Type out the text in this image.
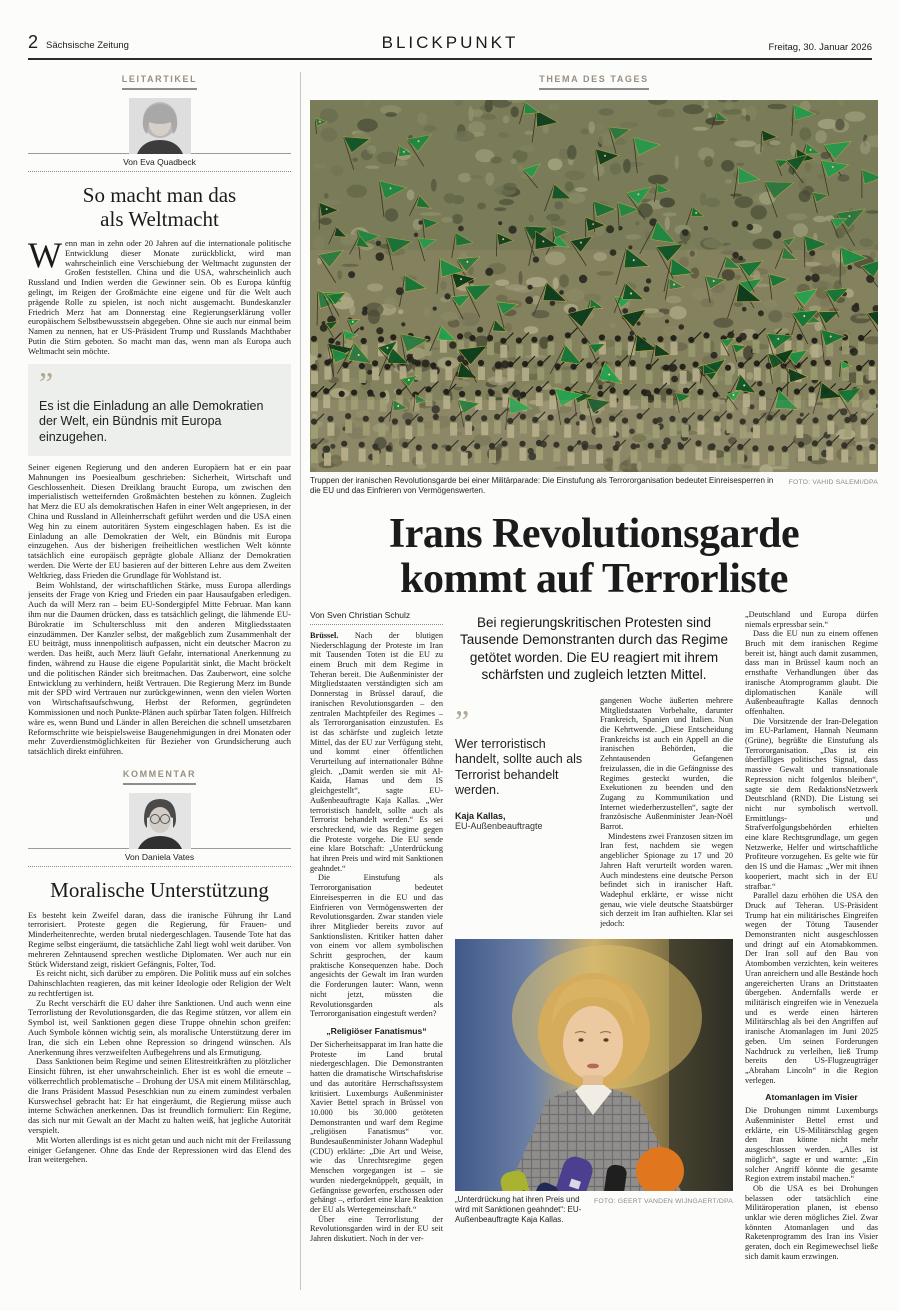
2 Sächsische Zeitung	BLICKPUNKT	Freitag, 30. Januar 2026
LEITARTIKEL
Von Eva Quadbeck
So macht man das
als Weltmacht

Wenn man in zehn oder 20 Jahren auf die internationale politische Entwicklung dieser Monate zurückblickt, wird man wahrscheinlich eine Verschiebung der Weltmacht zugunsten der Großen feststellen. China und die USA, wahrscheinlich auch Russland und Indien werden die Gewinner sein. Ob es Europa künftig gelingt, im Reigen der Großmächte eine eigene und für die Welt auch prägende Rolle zu spielen, ist noch nicht ausgemacht. Bundeskanzler Friedrich Merz hat am Donnerstag eine Regierungserklärung voller europäischem Selbstbewusstsein abgegeben. Ohne sie auch nur einmal beim Namen zu nennen, hat er US-Präsident Trump und Russlands Machthaber Putin die Stirn geboten. So macht man das, wenn man als Europa auch Weltmacht sein möchte.

”
Es ist die Einladung an alle Demokratien der Welt, ein Bündnis mit Europa einzugehen.

Seiner eigenen Regierung und den anderen Europäern hat er ein paar Mahnungen ins Poesiealbum geschrieben: Sicherheit, Wirtschaft und Geschlossenheit. Diesen Dreiklang braucht Europa, um zwischen den imperialistisch wetteifernden Großmächten bestehen zu können. Zugleich hat Merz die EU als demokratischen Hafen in einer Welt angepriesen, in der China und Russland in Alleinherrschaft geführt werden und die USA einen Weg hin zu einem autoritären System eingeschlagen haben. Es ist die Einladung an alle Demokratien der Welt, ein Bündnis mit Europa einzugehen. Aus der bisherigen freiheitlichen westlichen Welt könnte tatsächlich eine europäisch geprägte globale Allianz der Demokratien werden. Die Werte der EU basieren auf der bitteren Lehre aus dem Zweiten Weltkrieg, dass Frieden die Grundlage für Wohlstand ist.

Beim Wohlstand, der wirtschaftlichen Stärke, muss Europa allerdings jenseits der Frage von Krieg und Frieden ein paar Hausaufgaben erledigen. Auch da will Merz ran – beim EU-Sondergipfel Mitte Februar. Man kann ihm nur die Daumen drücken, dass es tatsächlich gelingt, die lähmende EU-Bürokratie im Schulterschluss mit den anderen Mitgliedsstaaten einzudämmen. Der Kanzler selbst, der maßgeblich zum Zusammenhalt der EU beiträgt, muss innenpolitisch aufpassen, nicht ein deutscher Macron zu werden. Das heißt, auch Merz läuft Gefahr, international Anerkennung zu finden, während zu Hause die eigene Popularität sinkt, die Macht bröckelt und die politischen Ränder sich breitmachen. Das Zauberwort, eine solche Entwicklung zu verhindern, heißt Vertrauen. Die Regierung Merz im Bunde mit der SPD wird Vertrauen nur zurückgewinnen, wenn den vielen Worten von Wirtschaftsaufschwung, Herbst der Reformen, gegründeten Kommissionen und noch Punkte-Plänen auch spürbar Taten folgen. Hilfreich wäre es, wenn Bund und Länder in allen Bereichen die schnell umsetzbaren Reformschritte wie beispielsweise Baugenehmigungen in drei Monaten oder mehr Zuverdienstmöglichkeiten für Bezieher von Grundsicherung auch tatsächlich direkt einführen.

KOMMENTAR
Von Daniela Vates
Moralische Unterstützung

Es besteht kein Zweifel daran, dass die iranische Führung ihr Land terrorisiert. Proteste gegen die Regierung, für Frauen- und Minderheitenrechte, werden brutal niedergeschlagen. Tausende Tote hat das Regime selbst eingeräumt, die tatsächliche Zahl liegt wohl weit darüber. Von mehreren Zehntausend sprechen westliche Diplomaten. Wer auch nur ein Stück Widerstand zeigt, riskiert Gefängnis, Folter, Tod.

Es reicht nicht, sich darüber zu empören. Die Politik muss auf ein solches Dahinschlachten reagieren, das mit keiner Ideologie oder Religion der Welt zu rechtfertigen ist.

Zu Recht verschärft die EU daher ihre Sanktionen. Und auch wenn eine Terrorlistung der Revolutionsgarden, die das Regime stützen, vor allem ein Symbol ist, weil Sanktionen gegen diese Truppe ohnehin schon greifen: Auch Symbole können wichtig sein, als moralische Unterstützung derer im Iran, die sich ein Leben ohne Repression so dringend wünschen. Als Anerkennung ihres verzweifelten Aufbegehrens und als Ermutigung.

Dass Sanktionen beim Regime und seinen Elitestreitkräften zu plötzlicher Einsicht führen, ist eher unwahrscheinlich. Eher ist es wohl die erneute – völkerrechtlich problematische – Drohung der USA mit einem Militärschlag, die Irans Präsident Massud Peseschkian nun zu einem zumindest verbalen Kurswechsel gebracht hat: Er hat eingeräumt, die Regierung müsse auch interne Schwächen anerkennen. Das ist freundlich formuliert: Ein Regime, das sich nur mit Gewalt an der Macht zu halten weiß, hat jegliche Autorität verspielt.

Mit Worten allerdings ist es nicht getan und auch nicht mit der Freilassung einiger Gefangener. Ohne das Ende der Repressionen wird das Elend des Iran weitergehen.

THEMA DES TAGES
FOTO: VAHID SALEMI/DPA
Truppen der iranischen Revolutionsgarde bei einer Militärparade: Die Einstufung als Terrororganisation bedeutet Einreisesperren in die EU und das Einfrieren von Vermögenswerten.
Irans Revolutionsgarde
kommt auf Terrorliste
Von Sven Christian Schulz

Brüssel. Nach der blutigen Niederschlagung der Proteste im Iran mit Tausenden Toten ist die EU zu einem Bruch mit dem Regime in Teheran bereit. Die Außenminister der Mitgliedstaaten verständigten sich am Donnerstag in Brüssel darauf, die iranischen Revolutionsgarden – den zentralen Machtpfeiler des Regimes – als Terrororganisation einzustufen. Es ist das schärfste und zugleich letzte Mittel, das der EU zur Verfügung steht, und kommt einer öffentlichen Verurteilung auf internationaler Bühne gleich. „Damit werden sie mit Al-Kaida, Hamas und dem IS gleichgestellt“, sagte EU-Außenbeauftragte Kaja Kallas. „Wer terroristisch handelt, sollte auch als Terrorist behandelt werden.“ Es sei erschreckend, wie das Regime gegen die Proteste vorgehe. Die EU sende eine klare Botschaft: „Unterdrückung hat ihren Preis und wird mit Sanktionen geahndet.“

Die Einstufung als Terrororganisation bedeutet Einreisesperren in die EU und das Einfrieren von Vermögenswerten der Revolutionsgarden. Zwar standen viele ihrer Mitglieder bereits zuvor auf Sanktionslisten. Kritiker hatten daher von einem vor allem symbolischen Schritt gesprochen, der kaum praktische Konsequenzen habe. Doch angesichts der Gewalt im Iran wurden die Forderungen lauter: Wann, wenn nicht jetzt, müssten die Revolutionsgarden als Terrororganisation eingestuft werden?

„Religiöser Fanatismus“

Der Sicherheitsapparat im Iran hatte die Proteste im Land brutal niedergeschlagen. Die Demonstranten hatten die dramatische Wirtschaftskrise und das autoritäre Herrschaftssystem kritisiert. Luxemburgs Außenminister Xavier Bettel sprach in Brüssel von 10.000 bis 30.000 getöteten Demonstranten und warf dem Regime „religiösen Fanatismus“ vor. Bundesaußenminister Johann Wadephul (CDU) erklärte: „Die Art und Weise, wie das Unrechtsregime gegen Menschen vorgegangen ist – sie wurden niedergeknüppelt, gequält, in Gefängnisse geworfen, erschossen oder gehängt –, erfordert eine klare Reaktion der EU als Wertegemeinschaft.“

Über eine Terrorlistung der Revolutionsgarden wird in der EU seit Jahren diskutiert. Noch in der ver-

Bei regierungskritischen Protesten sind Tausende Demonstranten durch das Regime getötet worden. Die EU reagiert mit ihrem schärfsten und zugleich letzten Mittel.
”
Wer terroristisch handelt, sollte auch als Terrorist behandelt werden.
Kaja Kallas,
EU-Außenbeauftragte

gangenen Woche äußerten mehrere Mitgliedstaaten Vorbehalte, darunter Frankreich, Spanien und Italien. Nun die Kehrtwende. „Diese Entscheidung Frankreichs ist auch ein Appell an die iranischen Behörden, die Zehntausenden Gefangenen freizulassen, die in die Gefängnisse des Regimes gesteckt wurden, die Exekutionen zu beenden und den Zugang zu Kommunikation und Internet wiederherzustellen“, sagte der französische Außenminister Jean-Noël Barrot.

Mindestens zwei Franzosen sitzen im Iran fest, nachdem sie wegen angeblicher Spionage zu 17 und 20 Jahren Haft verurteilt worden waren. Auch mindestens eine deutsche Person befindet sich in iranischer Haft. Wadephul erklärte, er wisse nicht genau, wie viele deutsche Staatsbürger sich derzeit im Iran aufhielten. Klar sei jedoch:

FOTO: GEERT VANDEN WIJNGAERT/DPA
„Unterdrückung hat ihren Preis und wird mit Sanktionen geahndet“: EU-Außenbeauftragte Kaja Kallas.

„Deutschland und Europa dürfen niemals erpressbar sein.“

Dass die EU nun zu einem offenen Bruch mit dem iranischen Regime bereit ist, hängt auch damit zusammen, dass man in Brüssel kaum noch an ernsthafte Verhandlungen über das iranische Atomprogramm glaubt. Die diplomatischen Kanäle will Außenbeauftragte Kallas dennoch offenhalten.

Die Vorsitzende der Iran-Delegation im EU-Parlament, Hannah Neumann (Grüne), begrüßte die Einstufung als Terrororganisation. „Das ist ein überfälliges politisches Signal, dass massive Gewalt und transnationale Repression nicht folgenlos bleiben“, sagte sie dem RedaktionsNetzwerk Deutschland (RND). Die Listung sei nicht nur symbolisch wertvoll. Ermittlungs- und Strafverfolgungsbehörden erhielten eine klare Rechtsgrundlage, um gegen Netzwerke, Helfer und wirtschaftliche Profiteure vorzugehen. Es gelte wie für den IS und die Hamas: „Wer mit ihnen kooperiert, macht sich in der EU strafbar.“

Parallel dazu erhöhen die USA den Druck auf Teheran. US-Präsident Trump hat ein militärisches Eingreifen wegen der Tötung Tausender Demonstranten nicht ausgeschlossen und dringt auf ein Atomabkommen. Der Iran soll auf den Bau von Atombomben verzichten, kein weiteres Uran anreichern und alle Bestände hoch angereicherten Urans an Drittstaaten übergeben. Andernfalls werde er militärisch eingreifen wie in Venezuela und es werde einen härteren Militärschlag als bei den Angriffen auf iranische Atomanlagen im Juni 2025 geben. Um seinen Forderungen Nachdruck zu verleihen, ließ Trump bereits den US-Flugzeugträger „Abraham Lincoln“ in die Region verlegen.

Atomanlagen im Visier

Die Drohungen nimmt Luxemburgs Außenminister Bettel ernst und erklärte, ein US-Militärschlag gegen den Iran könne nicht mehr ausgeschlossen werden. „Alles ist möglich“, sagte er und warnte: „Ein solcher Angriff könnte die gesamte Region extrem instabil machen.“

Ob die USA es bei Drohungen belassen oder tatsächlich eine Militäroperation planen, ist ebenso unklar wie deren mögliches Ziel. Zwar könnten Atomanlagen und das Raketenprogramm des Iran ins Visier geraten, doch ein Regimewechsel ließe sich damit kaum erzwingen.
